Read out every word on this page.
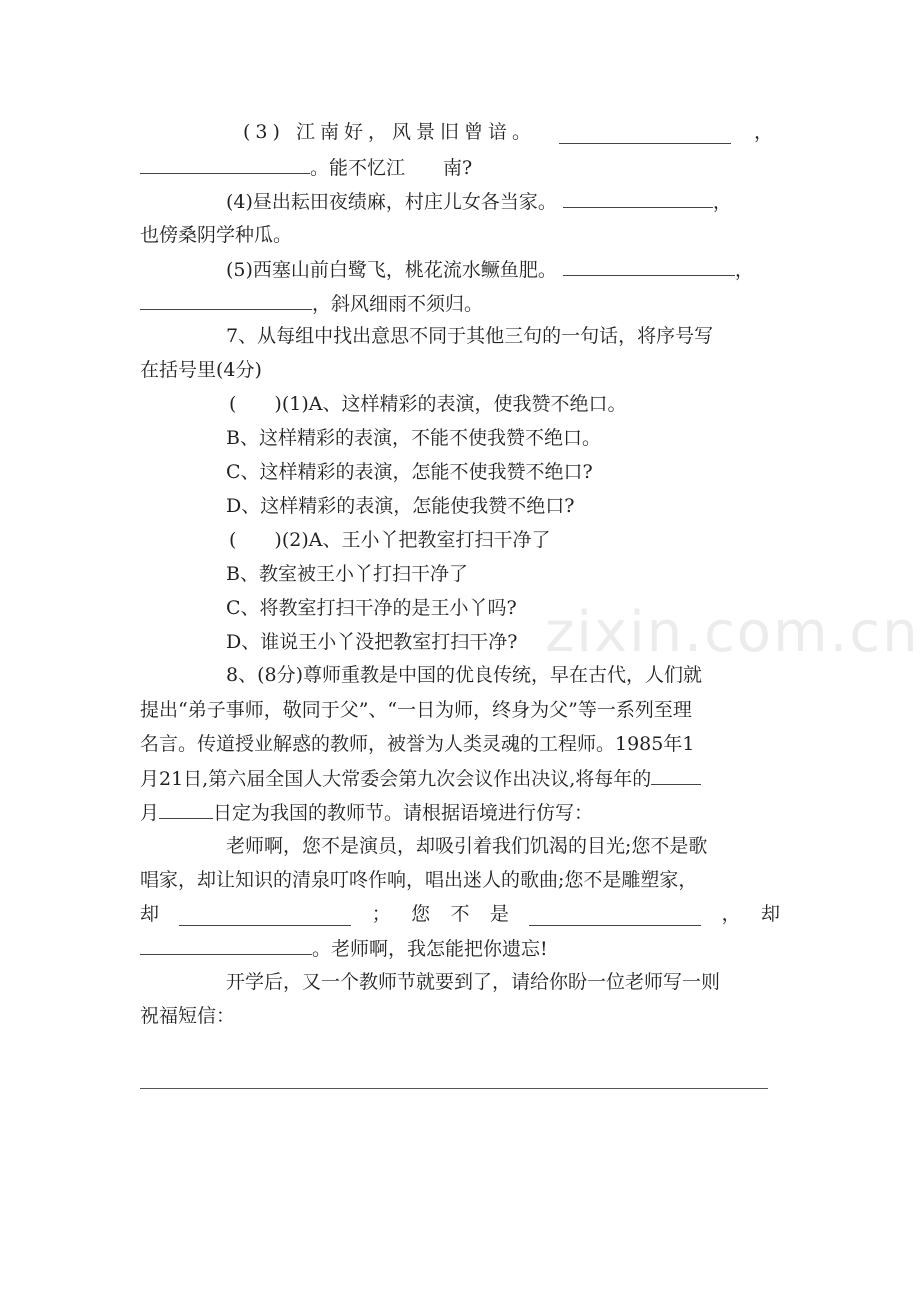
zixin.com.cn
(3) 江南好，风景旧曾谙。	，
。能不忆江　　南?
(4)昼出耘田夜绩麻，村庄儿女各当家。	，
也傍桑阴学种瓜。
(5)西塞山前白鹭飞，桃花流水鳜鱼肥。	，
，斜风细雨不须归。
7、从每组中找出意思不同于其他三句的一句话，将序号写
在括号里(4分)
(　　)(1)A、这样精彩的表演，使我赞不绝口。
B、这样精彩的表演，不能不使我赞不绝口。
C、这样精彩的表演，怎能不使我赞不绝口?
D、这样精彩的表演，怎能使我赞不绝口?
(　　)(2)A、王小丫把教室打扫干净了
B、教室被王小丫打扫干净了
C、将教室打扫干净的是王小丫吗?
D、谁说王小丫没把教室打扫干净?
8、(8分)尊师重教是中国的优良传统，早在古代，人们就
提出“弟子事师，敬同于父”、“一日为师，终身为父”等一系列至理
名言。传道授业解惑的教师，被誉为人类灵魂的工程师。1985年1
月21日,第六届全国人大常委会第九次会议作出决议,将每年的
月	日定为我国的教师节。请根据语境进行仿写：
老师啊，您不是演员，却吸引着我们饥渴的目光;您不是歌
唱家，却让知识的清泉叮咚作响，唱出迷人的歌曲;您不是雕塑家，
却	； 您 不 是	， 却
。老师啊，我怎能把你遗忘!
开学后，又一个教师节就要到了，请给你盼一位老师写一则
祝福短信：
